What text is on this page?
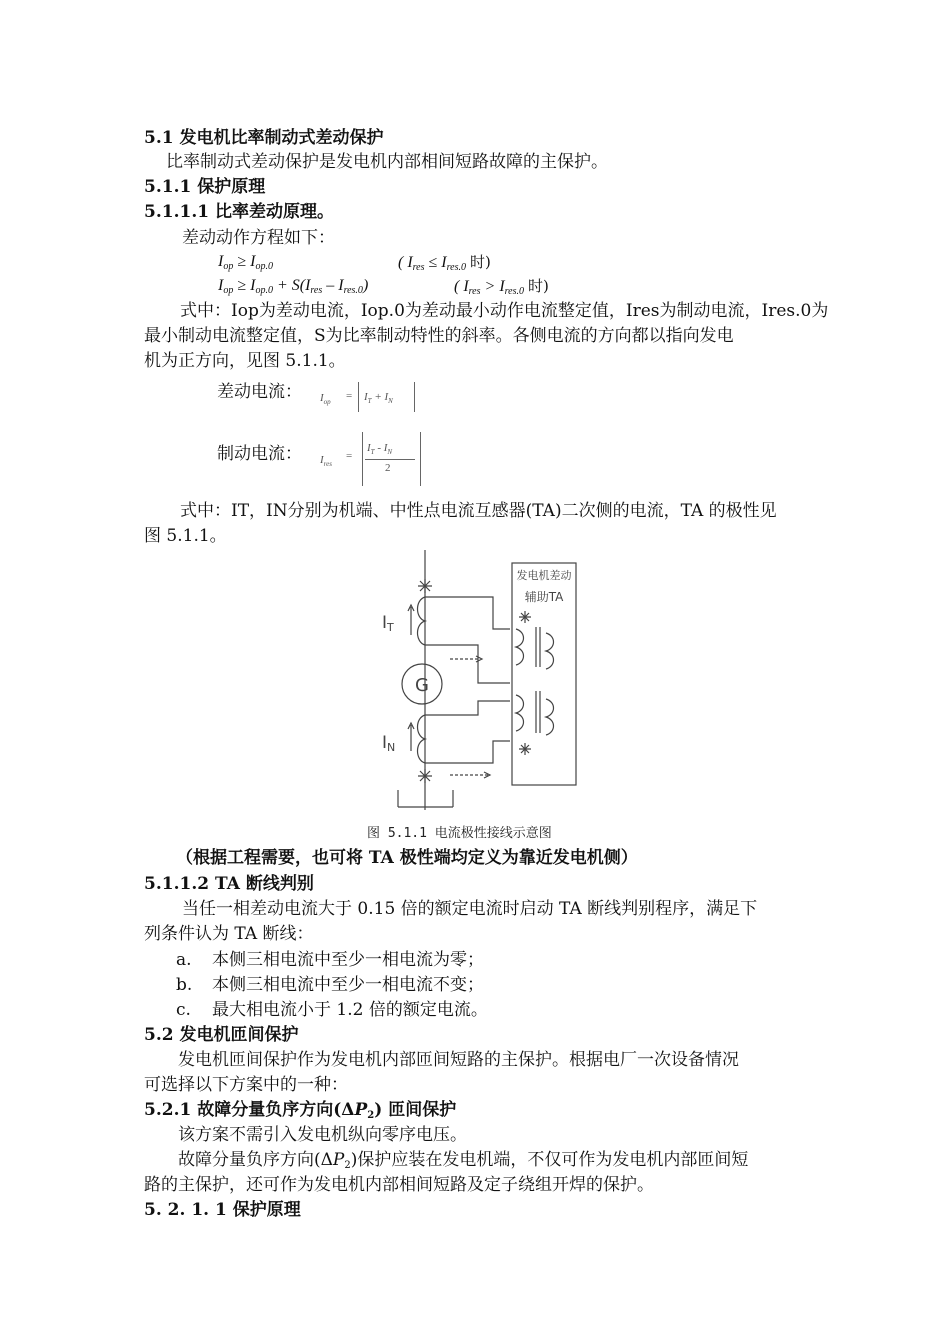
5.1 发电机比率制动式差动保护
比率制动式差动保护是发电机内部相间短路故障的主保护。
5.1.1 保护原理
5.1.1.1 比率差动原理。
差动动作方程如下：
$I_{op} \ge I_{op.0}$	( $I_{res} \le I_{res.0}$ 时)
$I_{op} \ge I_{op.0} + S(I_{res} - I_{res.0})$	( $I_{res} > I_{res.0}$ 时)
式中：Iop为差动电流，Iop.0为差动最小动作电流整定值，Ires为制动电流，Ires.0为
最小制动电流整定值，S为比率制动特性的斜率。各侧电流的方向都以指向发电
机为正方向，见图 5.1.1。
差动电流： $I_{op} = I_T + I_N$
制动电流： $I_{res}$
=
$I_T - I_N$
2
式中：IT，IN分别为机端、中性点电流互感器(TA)二次侧的电流，TA 的极性见
图 5.1.1。
G
IT
IN
发电机差动
辅助TA
图 5.1.1 电流极性接线示意图
（根据工程需要，也可将 TA 极性端均定义为靠近发电机侧）
5.1.1.2 TA 断线判别
当任一相差动电流大于 0.15 倍的额定电流时启动 TA 断线判别程序，满足下
列条件认为 TA 断线：
a. 本侧三相电流中至少一相电流为零；
b. 本侧三相电流中至少一相电流不变；
c. 最大相电流小于 1.2 倍的额定电流。
5.2 发电机匝间保护
发电机匝间保护作为发电机内部匝间短路的主保护。根据电厂一次设备情况
可选择以下方案中的一种：
5.2.1 故障分量负序方向$(\Delta P_2)$ 匝间保护
该方案不需引入发电机纵向零序电压。
故障分量负序方向$(\Delta P_2)$保护应装在发电机端，不仅可作为发电机内部匝间短
路的主保护，还可作为发电机内部相间短路及定子绕组开焊的保护。
5. 2. 1. 1 保护原理
